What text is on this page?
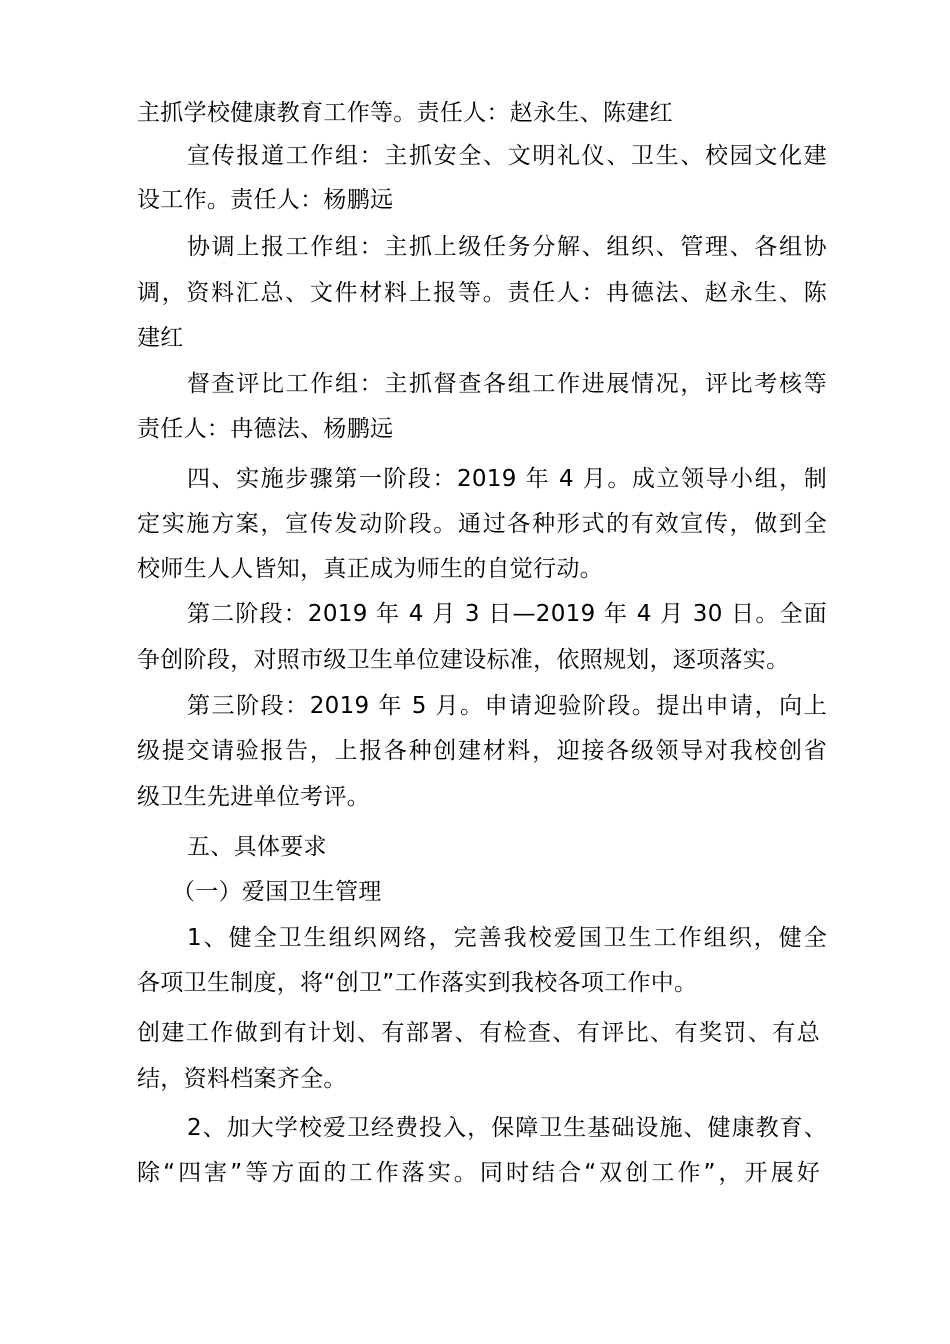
主抓学校健康教育工作等。责任人：赵永生、陈建红
宣传报道工作组：主抓安全、文明礼仪、卫生、校园文化建
设工作。责任人：杨鹏远
协调上报工作组：主抓上级任务分解、组织、管理、各组协
调，资料汇总、文件材料上报等。责任人：冉德法、赵永生、陈
建红
督查评比工作组：主抓督查各组工作进展情况，评比考核等
责任人：冉德法、杨鹏远
四、实施步骤第一阶段：2019 年 4 月。成立领导小组，制
定实施方案，宣传发动阶段。通过各种形式的有效宣传，做到全
校师生人人皆知，真正成为师生的自觉行动。
第二阶段：2019 年 4 月 3 日—2019 年 4 月 30 日。全面
争创阶段，对照市级卫生单位建设标准，依照规划，逐项落实。
第三阶段：2019 年 5 月。申请迎验阶段。提出申请，向上
级提交请验报告，上报各种创建材料，迎接各级领导对我校创省
级卫生先进单位考评。
五、具体要求
（一）爱国卫生管理
1、健全卫生组织网络，完善我校爱国卫生工作组织，健全
各项卫生制度，将“创卫”工作落实到我校各项工作中。
创建工作做到有计划、有部署、有检查、有评比、有奖罚、有总
结，资料档案齐全。
2、加大学校爱卫经费投入，保障卫生基础设施、健康教育、
除“四害”等方面的工作落实。同时结合“双创工作”，开展好
